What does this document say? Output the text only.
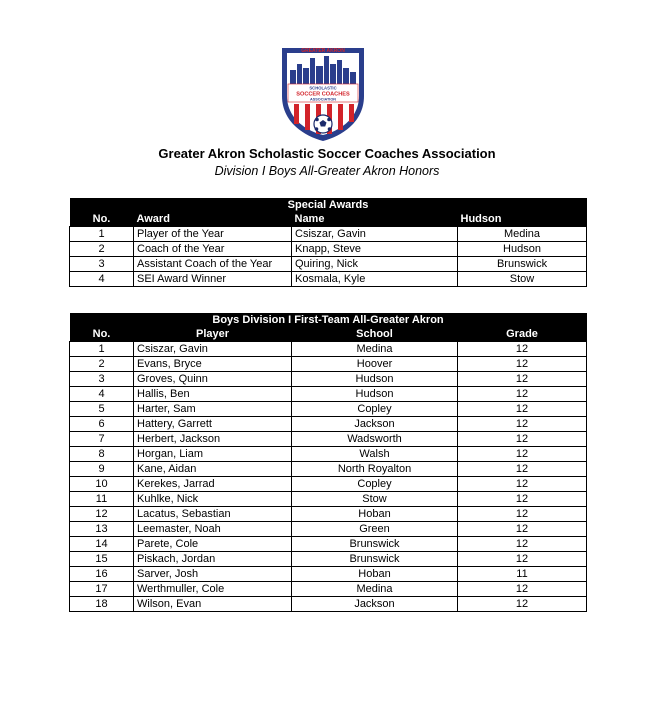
GREATER AKRON
SCHOLASTIC
SOCCER COACHES
ASSOCIATION
Greater Akron Scholastic Soccer Coaches Association
Division I Boys All-Greater Akron Honors
Special Awards			
No.	Award	Name	Hudson
1	Player of the Year	Csiszar, Gavin	Medina
2	Coach of the Year	Knapp, Steve	Hudson
3	Assistant Coach of the Year	Quiring, Nick	Brunswick
4	SEI Award Winner	Kosmala, Kyle	Stow
Boys Division I First-Team All-Greater Akron			
No.	Player	School	Grade
1	Csiszar, Gavin	Medina	12
2	Evans, Bryce	Hoover	12
3	Groves, Quinn	Hudson	12
4	Hallis, Ben	Hudson	12
5	Harter, Sam	Copley	12
6	Hattery, Garrett	Jackson	12
7	Herbert, Jackson	Wadsworth	12
8	Horgan, Liam	Walsh	12
9	Kane, Aidan	North Royalton	12
10	Kerekes, Jarrad	Copley	12
11	Kuhlke, Nick	Stow	12
12	Lacatus, Sebastian	Hoban	12
13	Leemaster, Noah	Green	12
14	Parete, Cole	Brunswick	12
15	Piskach, Jordan	Brunswick	12
16	Sarver, Josh	Hoban	11
17	Werthmuller, Cole	Medina	12
18	Wilson, Evan	Jackson	12
